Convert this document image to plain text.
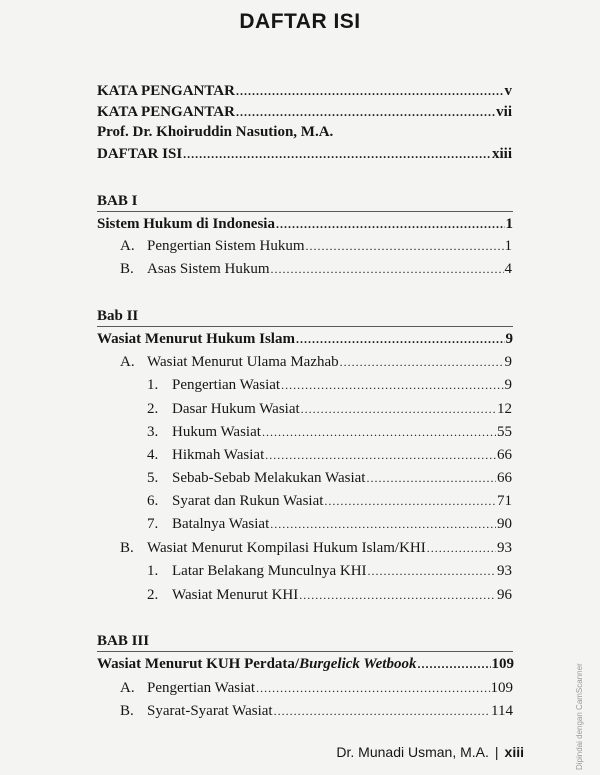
DAFTAR ISI
KATA PENGANTAR .....	v
KATA PENGANTAR .....	vii
Prof. Dr. Khoiruddin Nasution, M.A.
DAFTAR ISI .....	xiii
BAB I
Sistem Hukum di Indonesia .....	1
A. Pengertian Sistem Hukum .....	1
B. Asas Sistem Hukum .....	4
Bab II
Wasiat Menurut Hukum Islam .....	9
A. Wasiat Menurut Ulama Mazhab .....	9
1. Pengertian Wasiat .....	9
2. Dasar Hukum Wasiat .....	12
3. Hukum Wasiat .....	55
4. Hikmah Wasiat .....	66
5. Sebab-Sebab Melakukan Wasiat .....	66
6. Syarat dan Rukun Wasiat .....	71
7. Batalnya Wasiat .....	90
B. Wasiat Menurut Kompilasi Hukum Islam/KHI .....	93
1. Latar Belakang Munculnya KHI .....	93
2. Wasiat Menurut KHI .....	96
BAB III
Wasiat Menurut KUH Perdata/Burgelick Wetbook .....	109
A. Pengertian Wasiat .....	109
B. Syarat-Syarat Wasiat .....	114
Dr. Munadi Usman, M.A. | xiii	Dipindai dengan CamScanner
